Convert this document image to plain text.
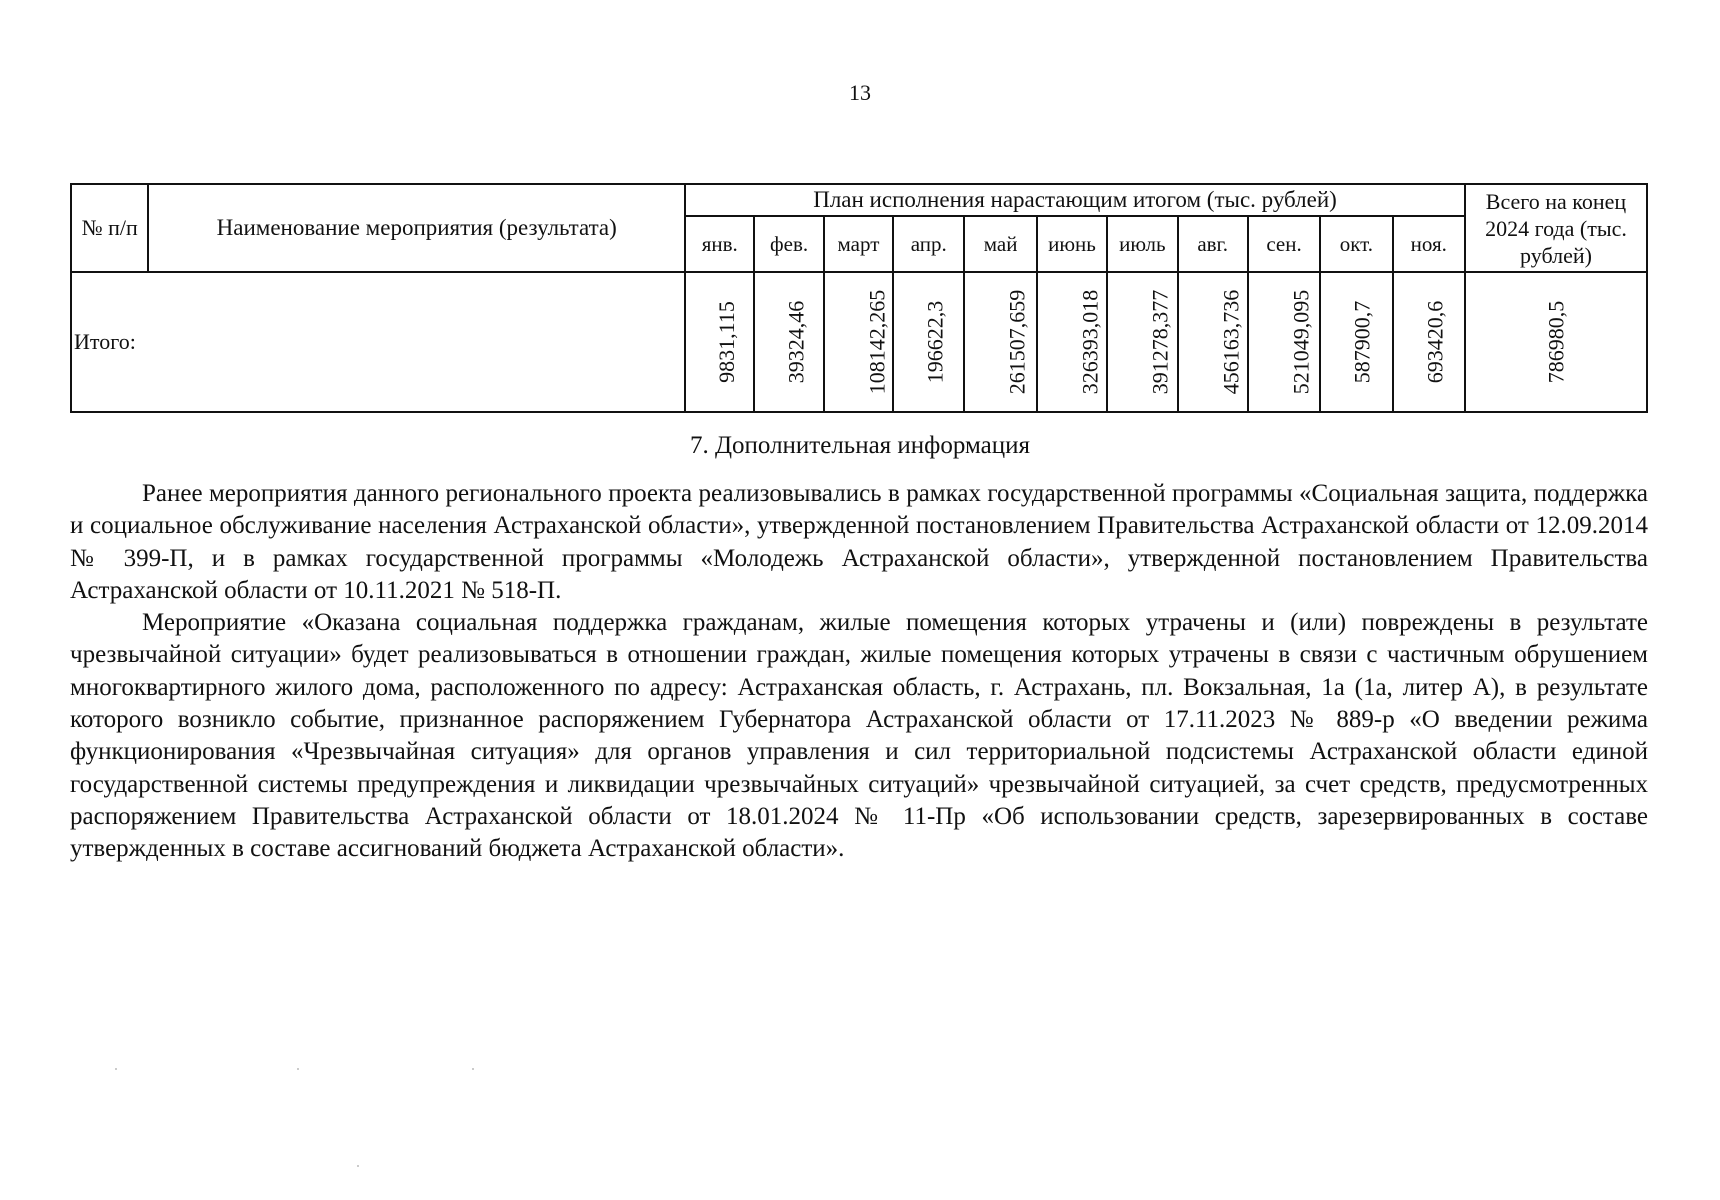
13
№ п/п	Наименование мероприятия (результата)	План исполнения нарастающим итогом (тыс. рублей)											Всего на конец 2024 года (тыс. рублей)
		янв.	фев.	март	апр.	май	июнь	июль	авг.	сен.	окт.	ноя.	
Итого:		9831,115	39324,46	108142,265	196622,3	261507,659	326393,018	391278,377	456163,736	521049,095	587900,7	693420,6	786980,5
7. Дополнительная информация

Ранее мероприятия данного регионального проекта реализовывались в рамках государственной программы «Социальная защита, поддержка и социальное обслуживание населения Астраханской области», утвержденной постановлением Правительства Астраханской области от 12.09.2014 № 399-П, и в рамках государственной программы «Молодежь Астраханской области», утвержденной постановлением Правительства Астраханской области от 10.11.2021 № 518-П.

Мероприятие «Оказана социальная поддержка гражданам, жилые помещения которых утрачены и (или) повреждены в результате чрезвычайной ситуации» будет реализовываться в отношении граждан, жилые помещения которых утрачены в связи с частичным обрушением многоквартирного жилого дома, расположенного по адресу: Астраханская область, г. Астрахань, пл. Вокзальная, 1а (1а, литер А), в результате которого возникло событие, признанное распоряжением Губернатора Астраханской области от 17.11.2023 № 889-р «О введении режима функционирования «Чрезвычайная ситуация» для органов управления и сил территориальной подсистемы Астраханской области единой государственной системы предупреждения и ликвидации чрезвычайных ситуаций» чрезвычайной ситуацией, за счет средств, предусмотренных распоряжением Правительства Астраханской области от 18.01.2024 № 11-Пр «Об использовании средств, зарезервированных в составе утвержденных в составе ассигнований бюджета Астраханской области».
